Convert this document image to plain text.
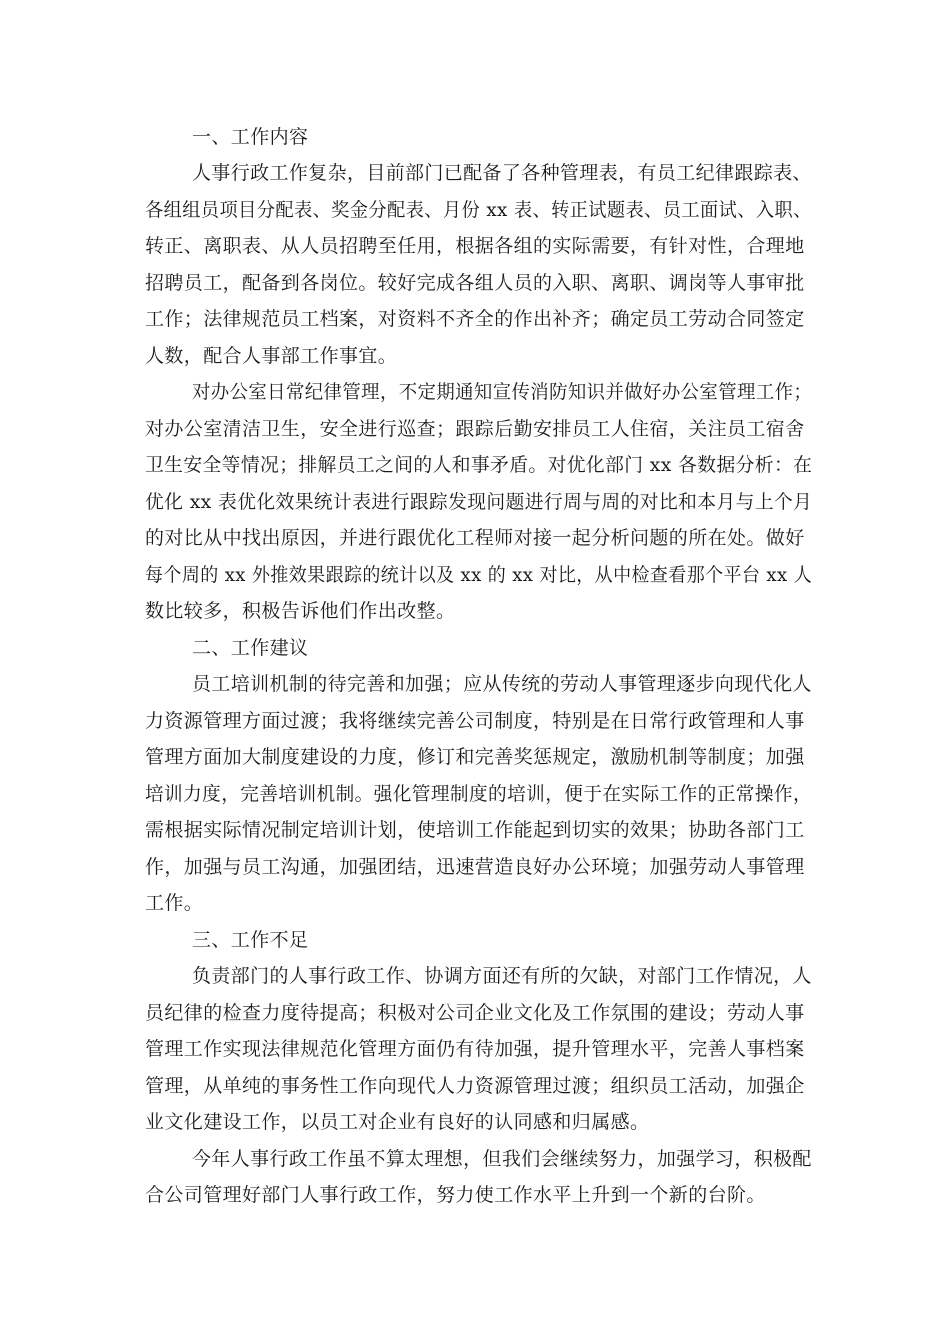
一、工作内容
人事行政工作复杂，目前部门已配备了各种管理表，有员工纪律跟踪表、
各组组员项目分配表、奖金分配表、月份 xx 表、转正试题表、员工面试、入职、
转正、离职表、从人员招聘至任用，根据各组的实际需要，有针对性，合理地
招聘员工，配备到各岗位。较好完成各组人员的入职、离职、调岗等人事审批
工作；法律规范员工档案，对资料不齐全的作出补齐；确定员工劳动合同签定
人数，配合人事部工作事宜。
对办公室日常纪律管理，不定期通知宣传消防知识并做好办公室管理工作；
对办公室清洁卫生，安全进行巡查；跟踪后勤安排员工人住宿，关注员工宿舍
卫生安全等情况；排解员工之间的人和事矛盾。对优化部门 xx 各数据分析：在
优化 xx 表优化效果统计表进行跟踪发现问题进行周与周的对比和本月与上个月
的对比从中找出原因，并进行跟优化工程师对接一起分析问题的所在处。做好
每个周的 xx 外推效果跟踪的统计以及 xx 的 xx 对比，从中检查看那个平台 xx 人
数比较多，积极告诉他们作出改整。
二、工作建议
员工培训机制的待完善和加强；应从传统的劳动人事管理逐步向现代化人
力资源管理方面过渡；我将继续完善公司制度，特别是在日常行政管理和人事
管理方面加大制度建设的力度，修订和完善奖惩规定，激励机制等制度；加强
培训力度，完善培训机制。强化管理制度的培训，便于在实际工作的正常操作，
需根据实际情况制定培训计划，使培训工作能起到切实的效果；协助各部门工
作，加强与员工沟通，加强团结，迅速营造良好办公环境；加强劳动人事管理
工作。
三、工作不足
负责部门的人事行政工作、协调方面还有所的欠缺，对部门工作情况，人
员纪律的检查力度待提高；积极对公司企业文化及工作氛围的建设；劳动人事
管理工作实现法律规范化管理方面仍有待加强，提升管理水平，完善人事档案
管理，从单纯的事务性工作向现代人力资源管理过渡；组织员工活动，加强企
业文化建设工作，以员工对企业有良好的认同感和归属感。
今年人事行政工作虽不算太理想，但我们会继续努力，加强学习，积极配
合公司管理好部门人事行政工作，努力使工作水平上升到一个新的台阶。
